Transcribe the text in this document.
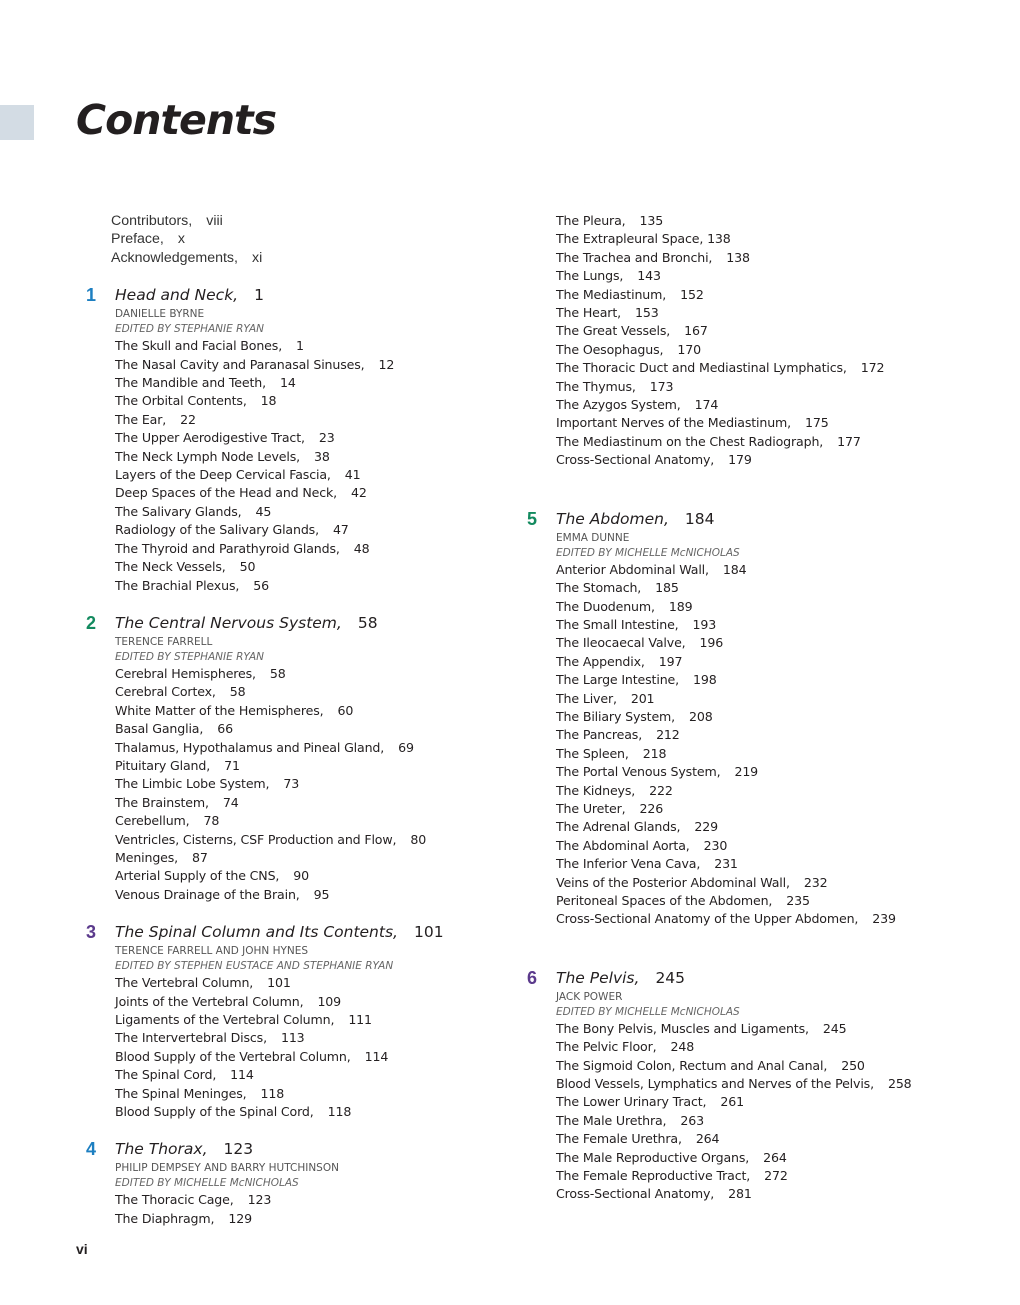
Contents
Contributors, viii
Preface, x
Acknowledgements, xi
1 Head and Neck, 1
DANIELLE BYRNE
EDITED BY STEPHANIE RYAN
The Skull and Facial Bones, 1
The Nasal Cavity and Paranasal Sinuses, 12
The Mandible and Teeth, 14
The Orbital Contents, 18
The Ear, 22
The Upper Aerodigestive Tract, 23
The Neck Lymph Node Levels, 38
Layers of the Deep Cervical Fascia, 41
Deep Spaces of the Head and Neck, 42
The Salivary Glands, 45
Radiology of the Salivary Glands, 47
The Thyroid and Parathyroid Glands, 48
The Neck Vessels, 50
The Brachial Plexus, 56
2 The Central Nervous System, 58
TERENCE FARRELL
EDITED BY STEPHANIE RYAN
Cerebral Hemispheres, 58
Cerebral Cortex, 58
White Matter of the Hemispheres, 60
Basal Ganglia, 66
Thalamus, Hypothalamus and Pineal Gland, 69
Pituitary Gland, 71
The Limbic Lobe System, 73
The Brainstem, 74
Cerebellum, 78
Ventricles, Cisterns, CSF Production and Flow, 80
Meninges, 87
Arterial Supply of the CNS, 90
Venous Drainage of the Brain, 95
3 The Spinal Column and Its Contents, 101
TERENCE FARRELL AND JOHN HYNES
EDITED BY STEPHEN EUSTACE AND STEPHANIE RYAN
The Vertebral Column, 101
Joints of the Vertebral Column, 109
Ligaments of the Vertebral Column, 111
The Intervertebral Discs, 113
Blood Supply of the Vertebral Column, 114
The Spinal Cord, 114
The Spinal Meninges, 118
Blood Supply of the Spinal Cord, 118
4 The Thorax, 123
PHILIP DEMPSEY AND BARRY HUTCHINSON
EDITED BY MICHELLE McNICHOLAS
The Thoracic Cage, 123
The Diaphragm, 129
The Pleura, 135
The Extrapleural Space, 138
The Trachea and Bronchi, 138
The Lungs, 143
The Mediastinum, 152
The Heart, 153
The Great Vessels, 167
The Oesophagus, 170
The Thoracic Duct and Mediastinal Lymphatics, 172
The Thymus, 173
The Azygos System, 174
Important Nerves of the Mediastinum, 175
The Mediastinum on the Chest Radiograph, 177
Cross-Sectional Anatomy, 179
5 The Abdomen, 184
EMMA DUNNE
EDITED BY MICHELLE McNICHOLAS
Anterior Abdominal Wall, 184
The Stomach, 185
The Duodenum, 189
The Small Intestine, 193
The Ileocaecal Valve, 196
The Appendix, 197
The Large Intestine, 198
The Liver, 201
The Biliary System, 208
The Pancreas, 212
The Spleen, 218
The Portal Venous System, 219
The Kidneys, 222
The Ureter, 226
The Adrenal Glands, 229
The Abdominal Aorta, 230
The Inferior Vena Cava, 231
Veins of the Posterior Abdominal Wall, 232
Peritoneal Spaces of the Abdomen, 235
Cross-Sectional Anatomy of the Upper Abdomen, 239
6 The Pelvis, 245
JACK POWER
EDITED BY MICHELLE McNICHOLAS
The Bony Pelvis, Muscles and Ligaments, 245
The Pelvic Floor, 248
The Sigmoid Colon, Rectum and Anal Canal, 250
Blood Vessels, Lymphatics and Nerves of the Pelvis, 258
The Lower Urinary Tract, 261
The Male Urethra, 263
The Female Urethra, 264
The Male Reproductive Organs, 264
The Female Reproductive Tract, 272
Cross-Sectional Anatomy, 281
vi
